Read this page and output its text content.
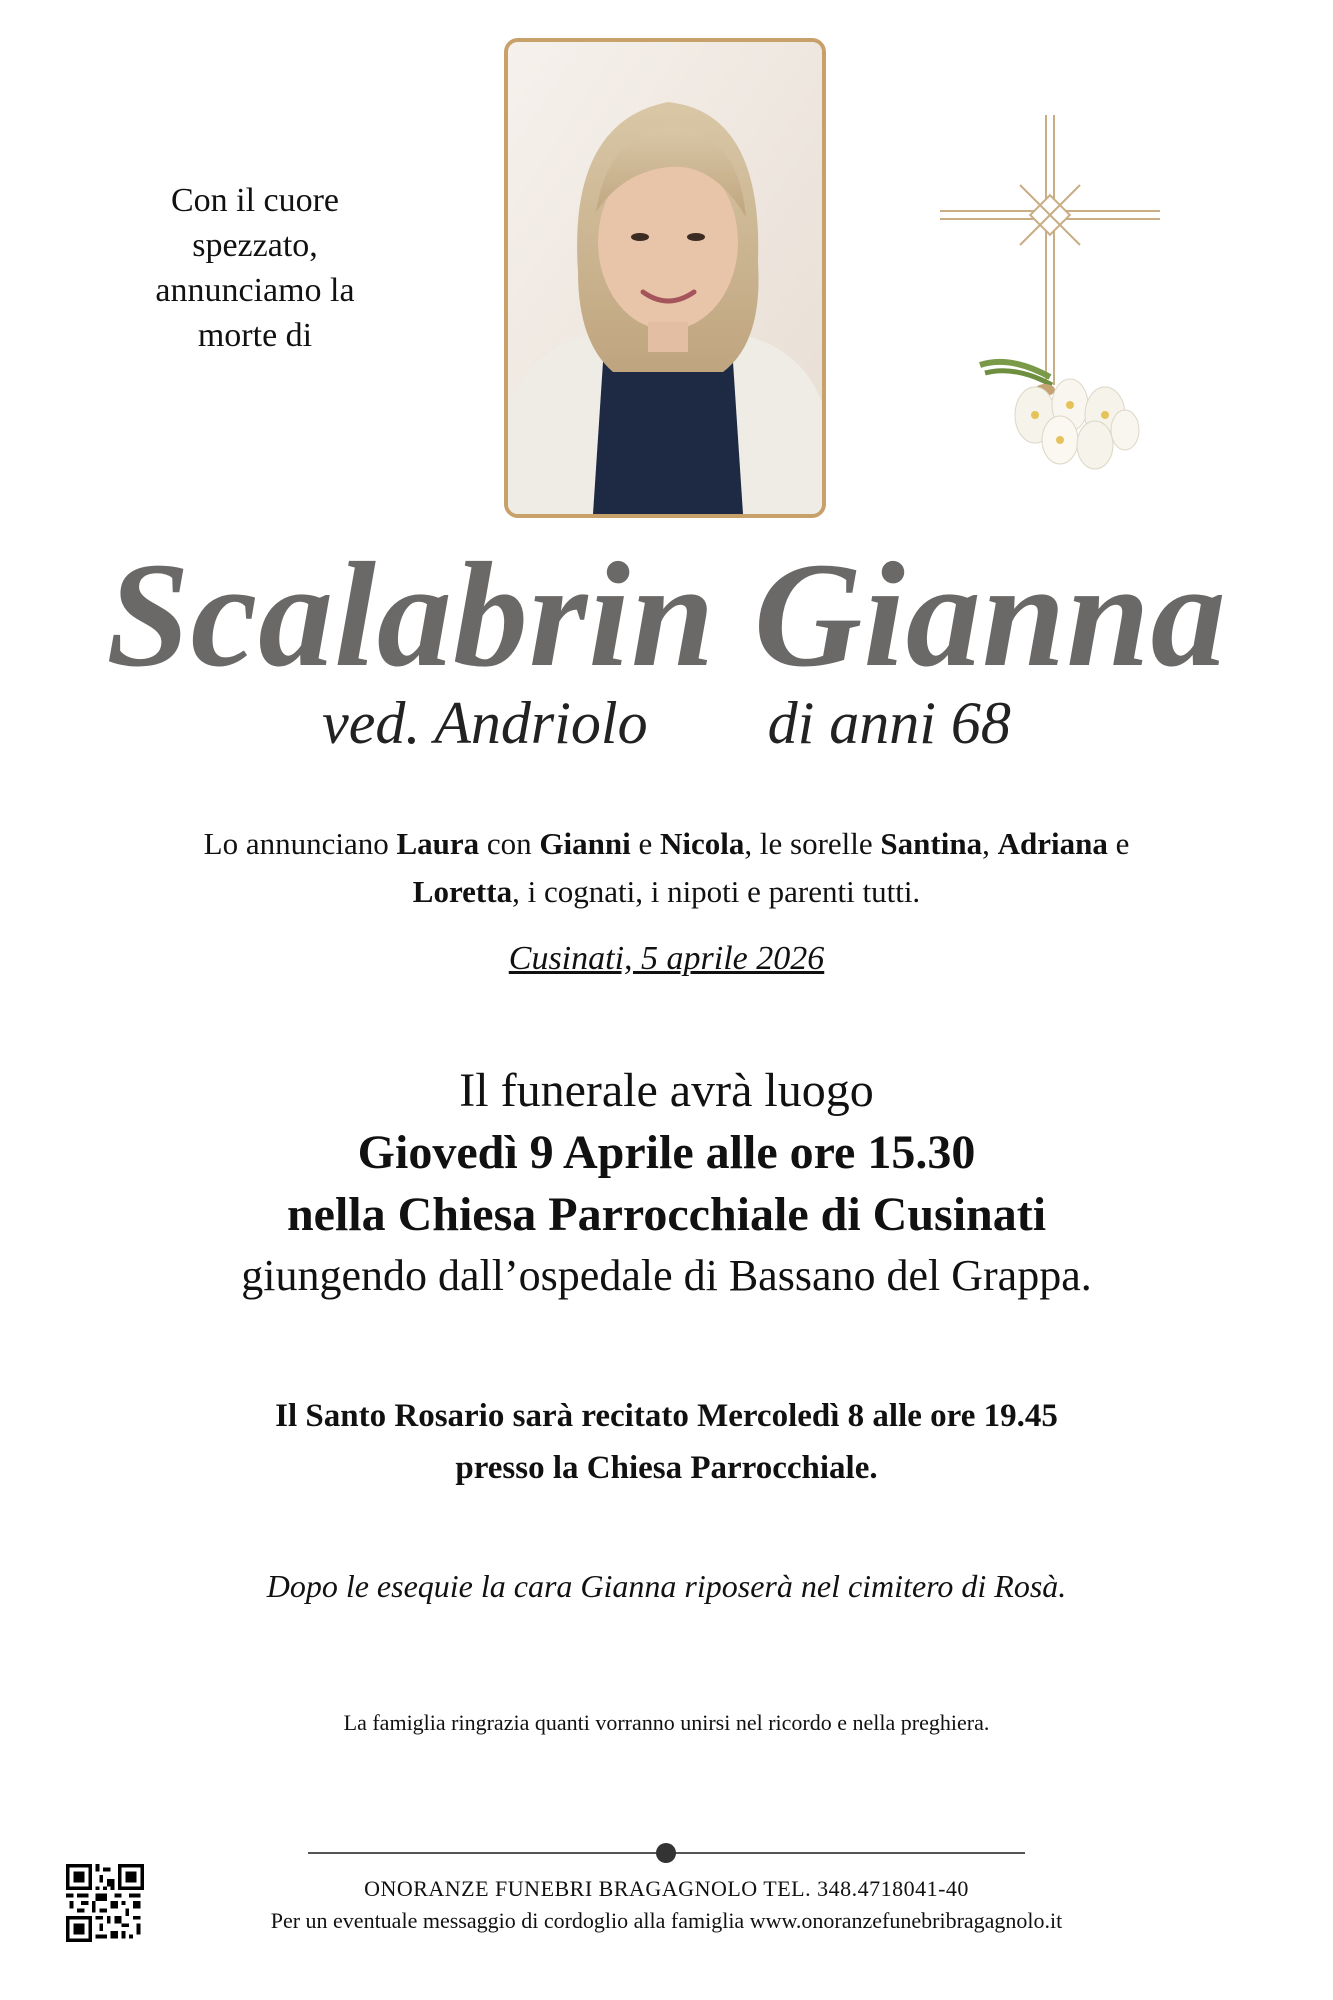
Con il cuore
spezzato,
annunciamo la
morte di
Scalabrin Gianna
ved. Andriolo di anni 68
Lo annunciano Laura con Gianni e Nicola, le sorelle Santina, Adriana e
Loretta, i cognati, i nipoti e parenti tutti.
Cusinati, 5 aprile 2026
Il funerale avrà luogo
Giovedì 9 Aprile alle ore 15.30
nella Chiesa Parrocchiale di Cusinati
giungendo dall’ospedale di Bassano del Grappa.
Il Santo Rosario sarà recitato Mercoledì 8 alle ore 19.45
presso la Chiesa Parrocchiale.
Dopo le esequie la cara Gianna riposerà nel cimitero di Rosà.
La famiglia ringrazia quanti vorranno unirsi nel ricordo e nella preghiera.
ONORANZE FUNEBRI BRAGAGNOLO TEL. 348.4718041-40
Per un eventuale messaggio di cordoglio alla famiglia www.onoranzefunebribragagnolo.it
